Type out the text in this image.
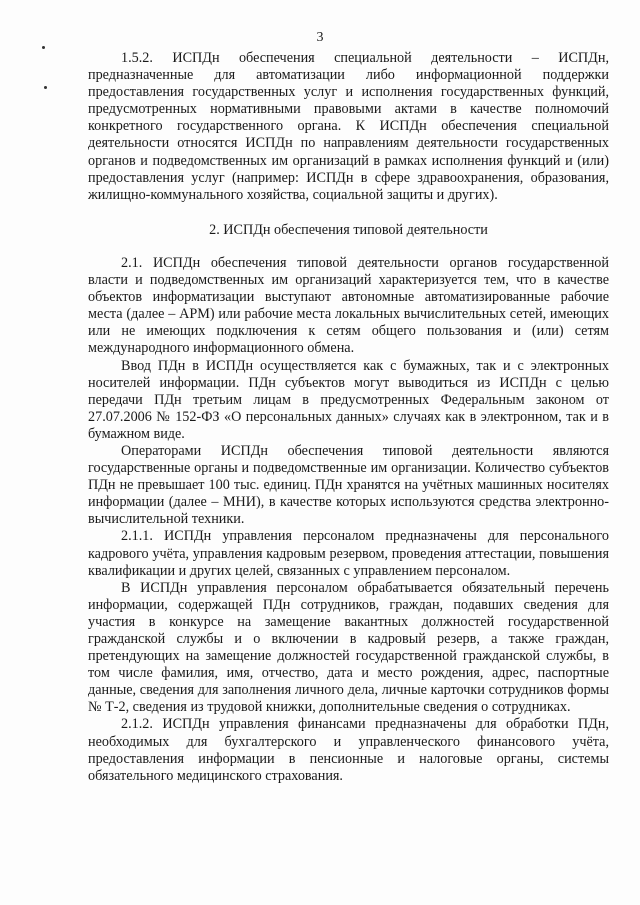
3

1.5.2. ИСПДн обеспечения специальной деятельности – ИСПДн, предназначенные для автоматизации либо информационной поддержки предоставления государственных услуг и исполнения государственных функций, предусмотренных нормативными правовыми актами в качестве полномочий конкретного государственного органа. К ИСПДн обеспечения специальной деятельности относятся ИСПДн по направлениям деятельности государственных органов и подведомственных им организаций в рамках исполнения функций и (или) предоставления услуг (например: ИСПДн в сфере здравоохранения, образования, жилищно-коммунального хозяйства, социальной защиты и других).

2. ИСПДн обеспечения типовой деятельности

2.1. ИСПДн обеспечения типовой деятельности органов государственной власти и подведомственных им организаций характеризуется тем, что в качестве объектов информатизации выступают автономные автоматизированные рабочие места (далее – АРМ) или рабочие места локальных вычислительных сетей, имеющих или не имеющих подключения к сетям общего пользования и (или) сетям международного информационного обмена.

Ввод ПДн в ИСПДн осуществляется как с бумажных, так и с электронных носителей информации. ПДн субъектов могут выводиться из ИСПДн с целью передачи ПДн третьим лицам в предусмотренных Федеральным законом от 27.07.2006 № 152-ФЗ «О персональных данных» случаях как в электронном, так и в бумажном виде.

Операторами ИСПДн обеспечения типовой деятельности являются государственные органы и подведомственные им организации. Количество субъектов ПДн не превышает 100 тыс. единиц. ПДн хранятся на учётных машинных носителях информации (далее – МНИ), в качестве которых используются средства электронно-вычислительной техники.

2.1.1. ИСПДн управления персоналом предназначены для персонального кадрового учёта, управления кадровым резервом, проведения аттестации, повышения квалификации и других целей, связанных с управлением персоналом.

В ИСПДн управления персоналом обрабатывается обязательный перечень информации, содержащей ПДн сотрудников, граждан, подавших сведения для участия в конкурсе на замещение вакантных должностей государственной гражданской службы и о включении в кадровый резерв, а также граждан, претендующих на замещение должностей государственной гражданской службы, в том числе фамилия, имя, отчество, дата и место рождения, адрес, паспортные данные, сведения для заполнения личного дела, личные карточки сотрудников формы № Т-2, сведения из трудовой книжки, дополнительные сведения о сотрудниках.

2.1.2. ИСПДн управления финансами предназначены для обработки ПДн, необходимых для бухгалтерского и управленческого финансового учёта, предоставления информации в пенсионные и налоговые органы, системы обязательного медицинского страхования.
